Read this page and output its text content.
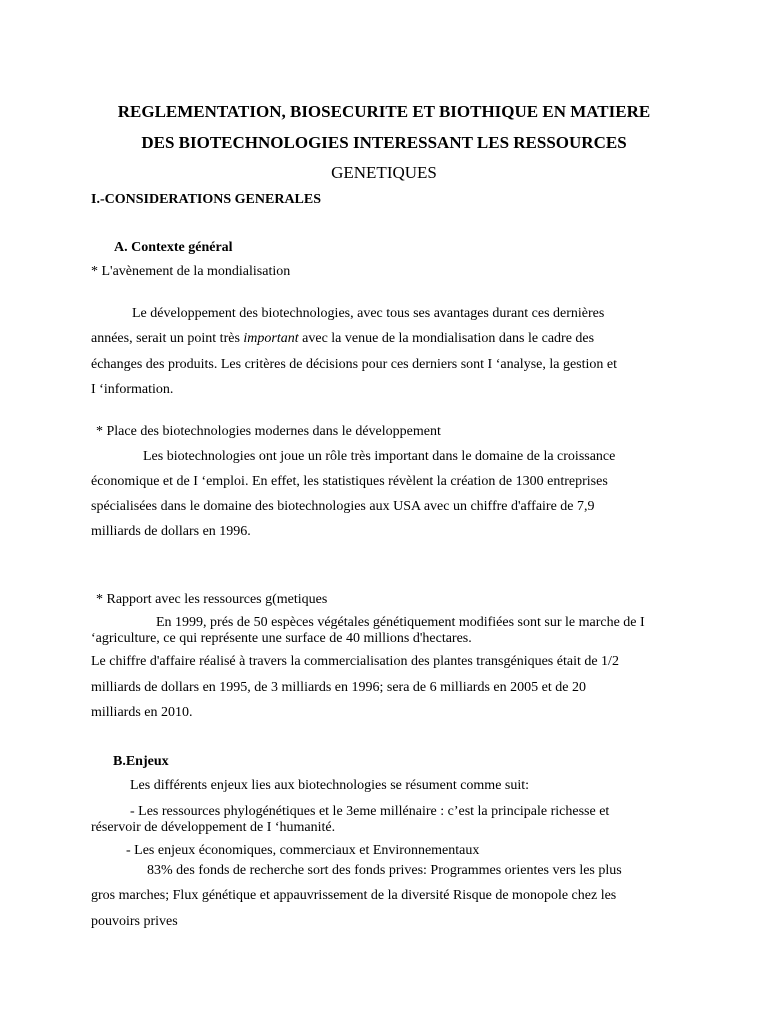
REGLEMENTATION, BIOSECURITE ET BIOTHIQUE EN MATIERE
DES BIOTECHNOLOGIES INTERESSANT LES RESSOURCES
GENETIQUES
I.-CONSIDERATIONS GENERALES
A. Contexte général
* L'avènement de la mondialisation
Le développement des biotechnologies, avec tous ses avantages durant ces dernières
années, serait un point très important avec la venue de la mondialisation dans le cadre des
échanges des produits. Les critères de décisions pour ces derniers sont I ‘analyse, la gestion et
I ‘information.
* Place des biotechnologies modernes dans le développement
Les biotechnologies ont joue un rôle très important dans le domaine de la croissance
économique et de I ‘emploi. En effet, les statistiques révèlent la création de 1300 entreprises
spécialisées dans le domaine des biotechnologies aux USA avec un chiffre d'affaire de 7,9
milliards de dollars en 1996.
* Rapport avec les ressources g(metiques
En 1999, prés de 50 espèces végétales génétiquement modifiées sont sur le marche de I
‘agriculture, ce qui représente une surface de 40 millions d'hectares.
Le chiffre d'affaire réalisé à travers la commercialisation des plantes transgéniques était de 1/2
milliards de dollars en 1995, de 3 milliards en 1996; sera de 6 milliards en 2005 et de 20
milliards en 2010.
B.Enjeux
Les différents enjeux lies aux biotechnologies se résument comme suit:
- Les ressources phylogénétiques et le 3eme millénaire : c’est la principale richesse et
réservoir de développement de I ‘humanité.
- Les enjeux économiques, commerciaux et Environnementaux
83% des fonds de recherche sort des fonds prives: Programmes orientes vers les plus
gros marches; Flux génétique et appauvrissement de la diversité Risque de monopole chez les
pouvoirs prives
